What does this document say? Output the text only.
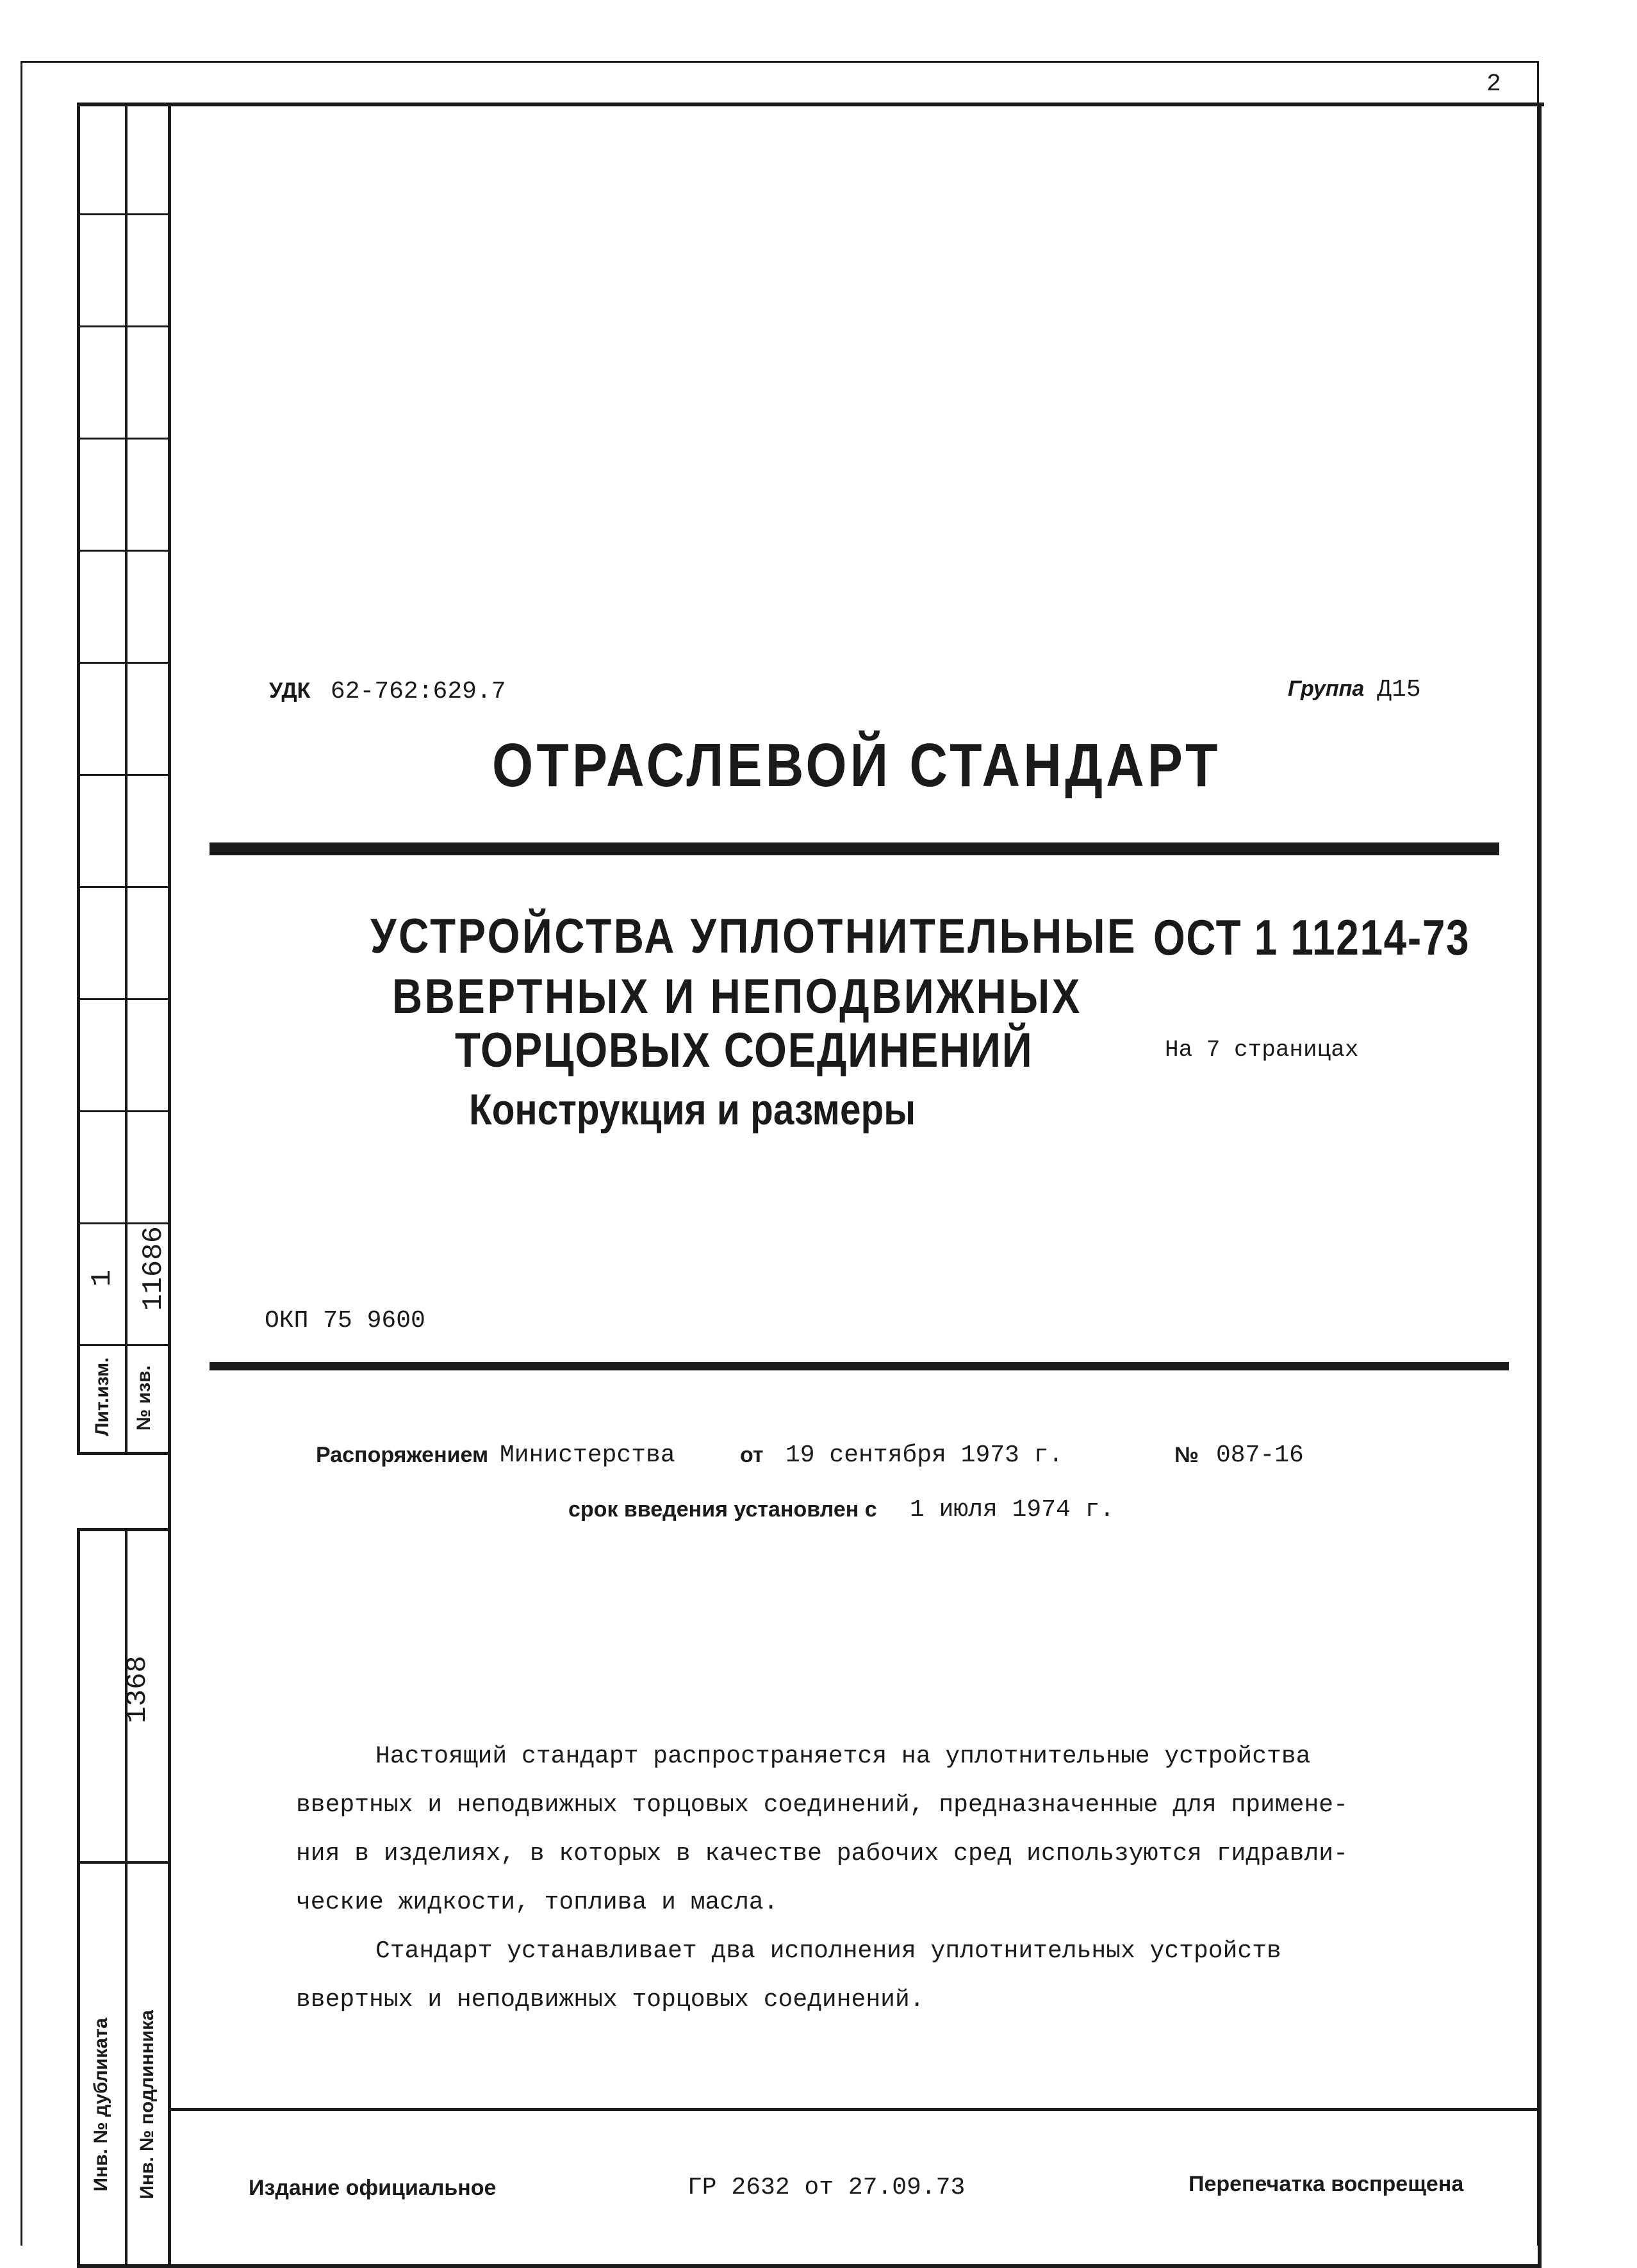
2
1 11686
Лит.изм. № изв.
1368
Инв. № дубликата Инв. № подлинника
УДК 62-762:629.7	Группа Д15
ОТРАСЛЕВОЙ СТАНДАРТ
УСТРОЙСТВА УПЛОТНИТЕЛЬНЫЕ
ВВЕРТНЫХ И НЕПОДВИЖНЫХ
ТОРЦОВЫХ СОЕДИНЕНИЙ
Конструкция и размеры
ОСТ 1 11214-73
На 7 страницах
ОКП 75 9600
Распоряжением Министерства	от 19 сентября 1973 г.	№ 087-16
срок введения установлен с 1 июля 1974 г.
Настоящий стандарт распространяется на уплотнительные устройства
ввертных и неподвижных торцовых соединений, предназначенные для примене-
ния в изделиях, в которых в качестве рабочих сред используются гидравли-
ческие жидкости, топлива и масла.
Стандарт устанавливает два исполнения уплотнительных устройств
ввертных и неподвижных торцовых соединений.
Издание официальное	ГР 2632 от 27.09.73	Перепечатка воспрещена
